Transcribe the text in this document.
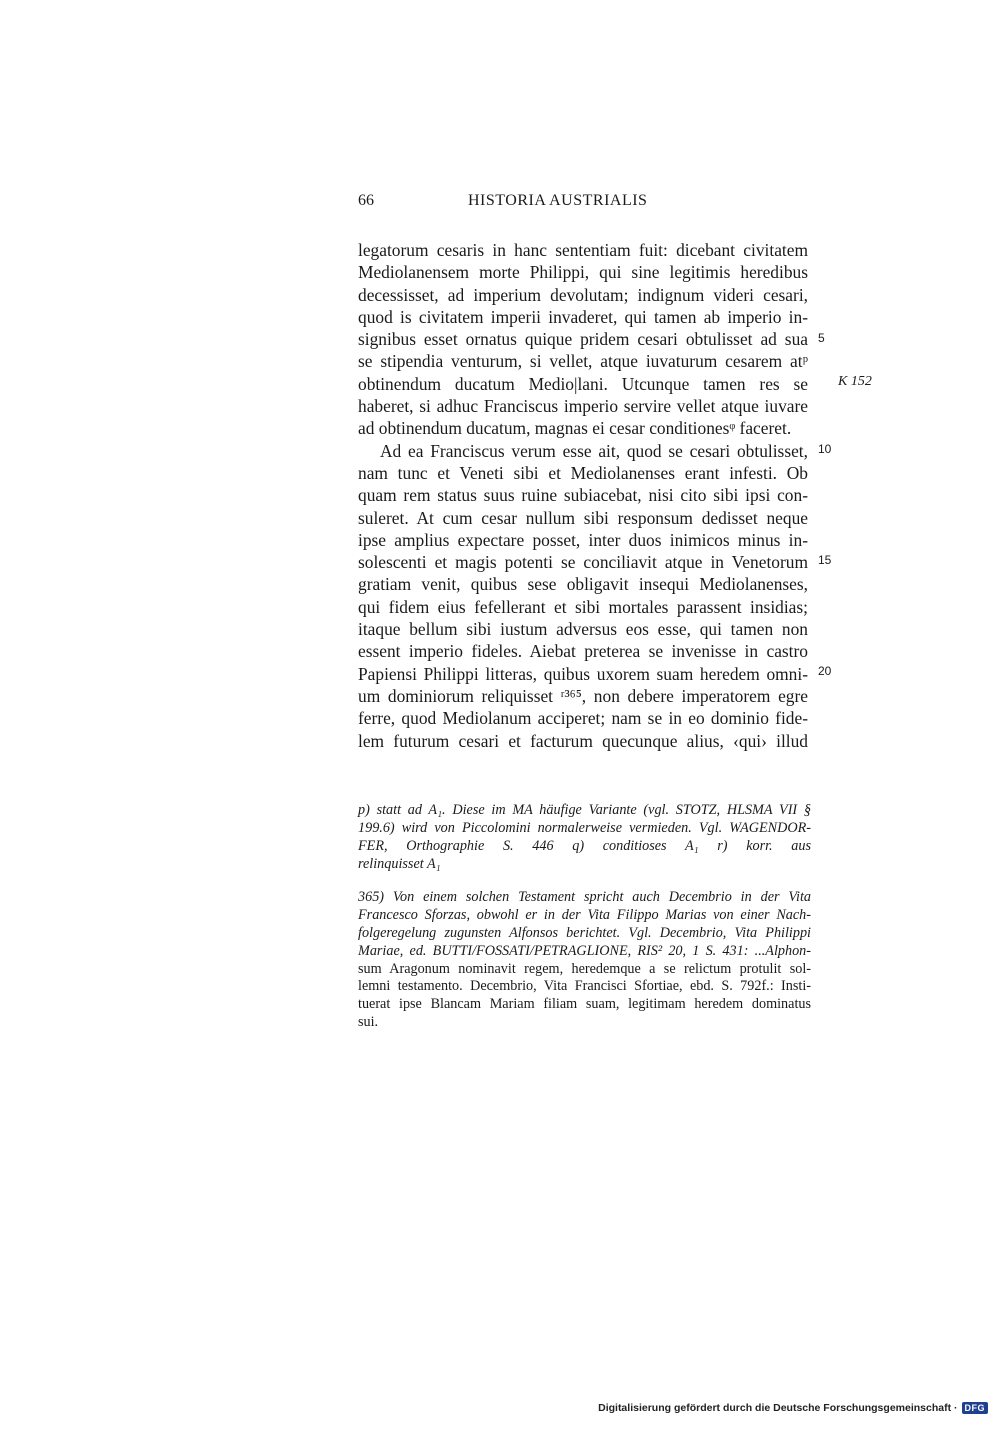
66	HISTORIA AUSTRIALIS
legatorum cesaris in hanc sententiam fuit: dicebant civitatem
Mediolanensem morte Philippi, qui sine legitimis heredibus
decessisset, ad imperium devolutam; indignum videri cesari,
quod is civitatem imperii invaderet, qui tamen ab imperio in-
signibus esset ornatus quique pridem cesari obtulisset ad sua
se stipendia venturum, si vellet, atque iuvaturum cesarem atᵖ
obtinendum ducatum Medio|lani. Utcunque tamen res se
haberet, si adhuc Franciscus imperio servire vellet atque iuvare
ad obtinendum ducatum, magnas ei cesar conditionesᵠ faceret.
Ad ea Franciscus verum esse ait, quod se cesari obtulisset,
nam tunc et Veneti sibi et Mediolanenses erant infesti. Ob
quam rem status suus ruine subiacebat, nisi cito sibi ipsi con-
suleret. At cum cesar nullum sibi responsum dedisset neque
ipse amplius expectare posset, inter duos inimicos minus in-
solescenti et magis potenti se conciliavit atque in Venetorum
gratiam venit, quibus sese obligavit insequi Mediolanenses,
qui fidem eius fefellerant et sibi mortales parassent insidias;
itaque bellum sibi iustum adversus eos esse, qui tamen non
essent imperio fideles. Aiebat preterea se invenisse in castro
Papiensi Philippi litteras, quibus uxorem suam heredem omni-
um dominiorum reliquisset ʳ³⁶⁵, non debere imperatorem egre
ferre, quod Mediolanum acciperet; nam se in eo dominio fide-
lem futurum cesari et facturum quecunque alius, ‹qui› illud
5
10
15
20
K 152
p) statt ad A₁. Diese im MA häufige Variante (vgl. STOTZ, HLSMA VII §
199.6) wird von Piccolomini normalerweise vermieden. Vgl. WAGENDOR-
FER, Orthographie S. 446 q) conditioses A₁ r) korr. aus
relinquisset A₁
365) Von einem solchen Testament spricht auch Decembrio in der Vita
Francesco Sforzas, obwohl er in der Vita Filippo Marias von einer Nach-
folgeregelung zugunsten Alfonsos berichtet. Vgl. Decembrio, Vita Philippi
Mariae, ed. BUTTI/FOSSATI/PETRAGLIONE, RIS² 20, 1 S. 431: ...Alphon-
sum Aragonum nominavit regem, heredemque a se relictum protulit sol-
lemni testamento. Decembrio, Vita Francisci Sfortiae, ebd. S. 792f.: Insti-
tuerat ipse Blancam Mariam filiam suam, legitimam heredem dominatus
sui.
Digitalisierung gefördert durch die Deutsche Forschungsgemeinschaft · DFG
